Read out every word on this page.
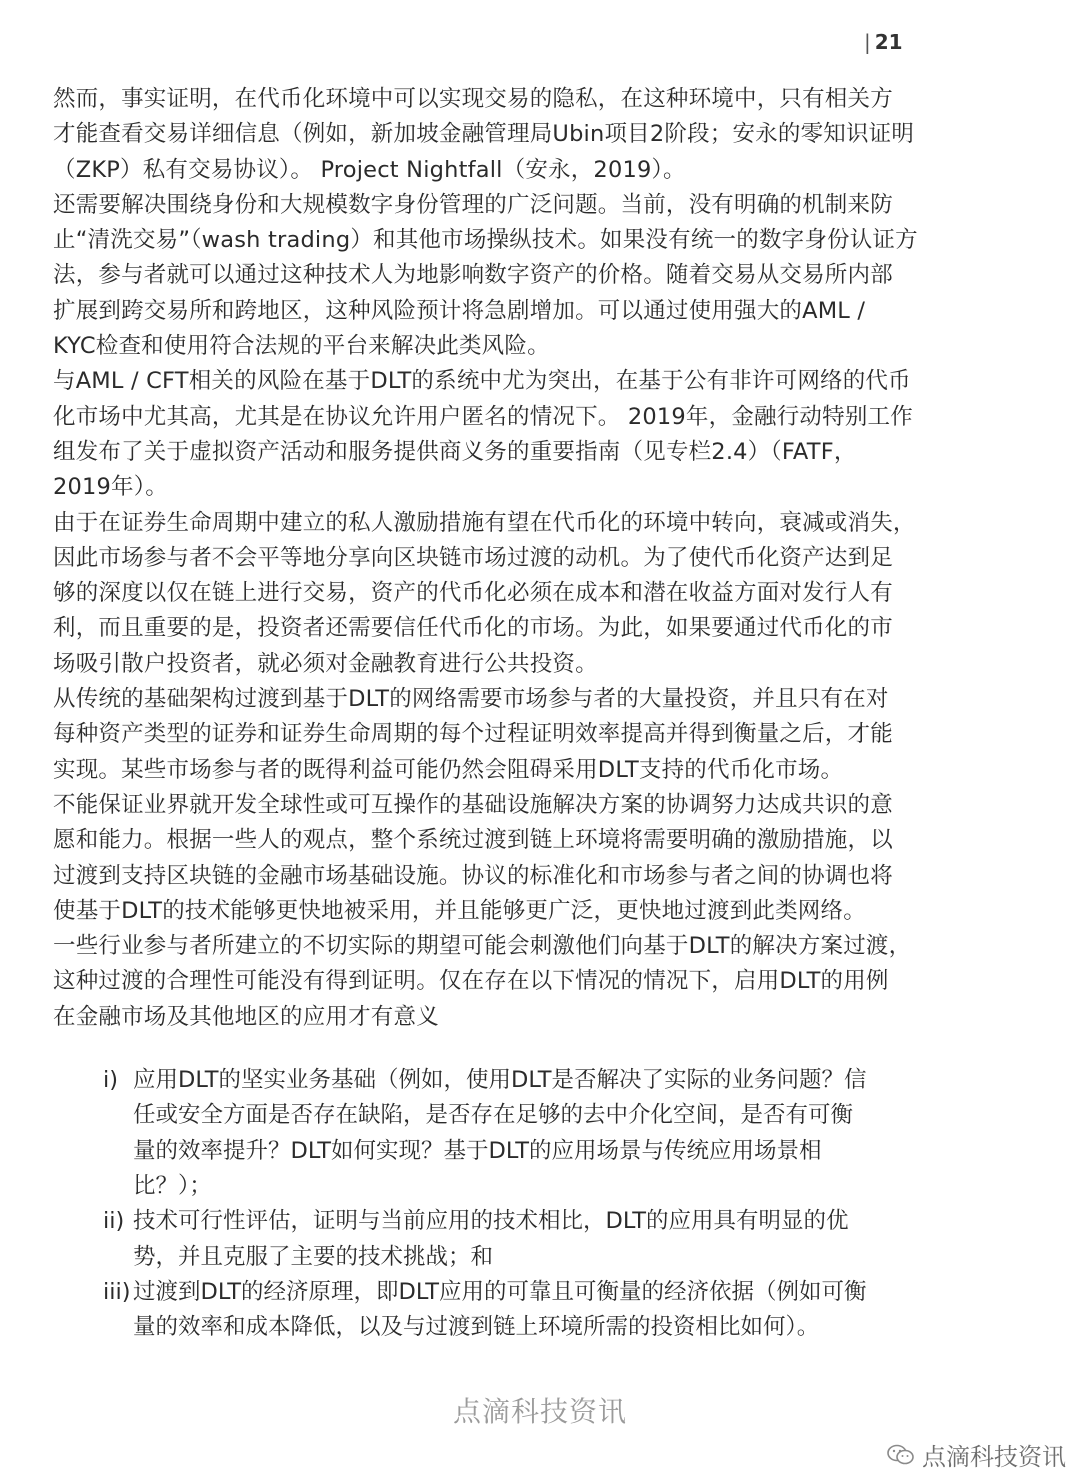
| 21

然而，事实证明，在代币化环境中可以实现交易的隐私，在这种环境中，只有相关方
才能查看交易详细信息（例如，新加坡金融管理局Ubin项目2阶段；安永的零知识证明
（ZKP）私有交易协议）。 Project Nightfall（安永，2019）。

还需要解决围绕身份和大规模数字身份管理的广泛问题。当前，没有明确的机制来防
止“清洗交易”（wash trading）和其他市场操纵技术。如果没有统一的数字身份认证方
法，参与者就可以通过这种技术人为地影响数字资产的价格。随着交易从交易所内部
扩展到跨交易所和跨地区，这种风险预计将急剧增加。可以通过使用强大的AML /
KYC检查和使用符合法规的平台来解决此类风险。

与AML / CFT相关的风险在基于DLT的系统中尤为突出，在基于公有非许可网络的代币
化市场中尤其高，尤其是在协议允许用户匿名的情况下。 2019年，金融行动特别工作
组发布了关于虚拟资产活动和服务提供商义务的重要指南（见专栏2.4）（FATF，
2019年）。

由于在证券生命周期中建立的私人激励措施有望在代币化的环境中转向，衰减或消失，
因此市场参与者不会平等地分享向区块链市场过渡的动机。为了使代币化资产达到足
够的深度以仅在链上进行交易，资产的代币化必须在成本和潜在收益方面对发行人有
利，而且重要的是，投资者还需要信任代币化的市场。为此，如果要通过代币化的市
场吸引散户投资者，就必须对金融教育进行公共投资。

从传统的基础架构过渡到基于DLT的网络需要市场参与者的大量投资，并且只有在对
每种资产类型的证券和证券生命周期的每个过程证明效率提高并得到衡量之后，才能
实现。某些市场参与者的既得利益可能仍然会阻碍采用DLT支持的代币化市场。

不能保证业界就开发全球性或可互操作的基础设施解决方案的协调努力达成共识的意
愿和能力。根据一些人的观点，整个系统过渡到链上环境将需要明确的激励措施，以
过渡到支持区块链的金融市场基础设施。协议的标准化和市场参与者之间的协调也将
使基于DLT的技术能够更快地被采用，并且能够更广泛，更快地过渡到此类网络。

一些行业参与者所建立的不切实际的期望可能会刺激他们向基于DLT的解决方案过渡，
这种过渡的合理性可能没有得到证明。仅在存在以下情况的情况下，启用DLT的用例
在金融市场及其他地区的应用才有意义

i) 应用DLT的坚实业务基础（例如，使用DLT是否解决了实际的业务问题？信
任或安全方面是否存在缺陷，是否存在足够的去中介化空间，是否有可衡
量的效率提升？DLT如何实现？基于DLT的应用场景与传统应用场景相
比？）；
ii) 技术可行性评估，证明与当前应用的技术相比，DLT的应用具有明显的优
势，并且克服了主要的技术挑战；和
iii) 过渡到DLT的经济原理，即DLT应用的可靠且可衡量的经济依据（例如可衡
量的效率和成本降低，以及与过渡到链上环境所需的投资相比如何）。
点滴科技资讯
点滴科技资讯
